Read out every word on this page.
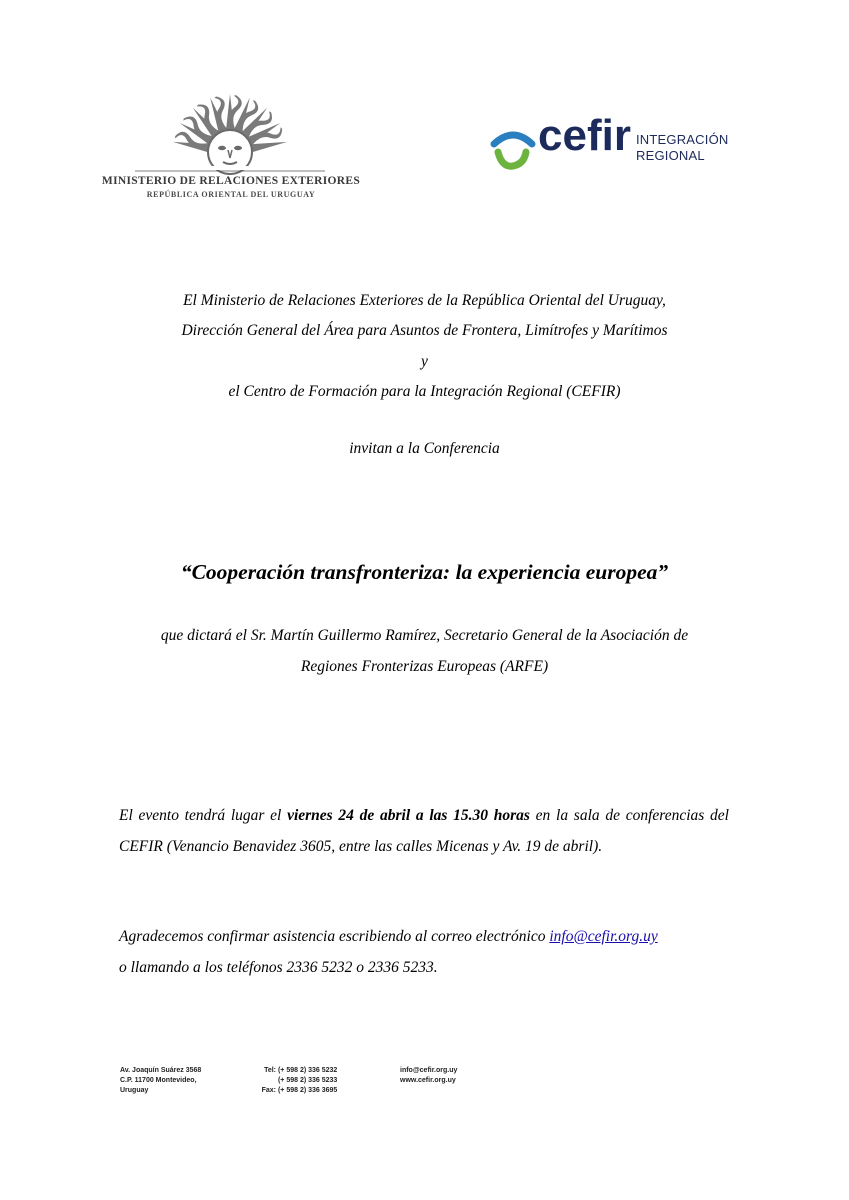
MINISTERIO DE RELACIONES EXTERIORES
REPÚBLICA ORIENTAL DEL URUGUAY
cefir INTEGRACIÓN
REGIONAL
El Ministerio de Relaciones Exteriores de la República Oriental del Uruguay,
Dirección General del Área para Asuntos de Frontera, Limítrofes y Marítimos
y
el Centro de Formación para la Integración Regional (CEFIR)
invitan a la Conferencia
“Cooperación transfronteriza: la experiencia europea”
que dictará el Sr. Martín Guillermo Ramírez, Secretario General de la Asociación de
Regiones Fronterizas Europeas (ARFE)
El evento tendrá lugar el viernes 24 de abril a las 15.30 horas en la sala de conferencias del CEFIR (Venancio Benavidez 3605, entre las calles Micenas y Av. 19 de abril).
Agradecemos confirmar asistencia escribiendo al correo electrónico info@cefir.org.uy
o llamando a los teléfonos 2336 5232 o 2336 5233.
Av. Joaquín Suárez 3568
C.P. 11700 Montevideo,
Uruguay
Tel: (+ 598 2) 336 5232
(+ 598 2) 336 5233
Fax: (+ 598 2) 336 3695
info@cefir.org.uy
www.cefir.org.uy
